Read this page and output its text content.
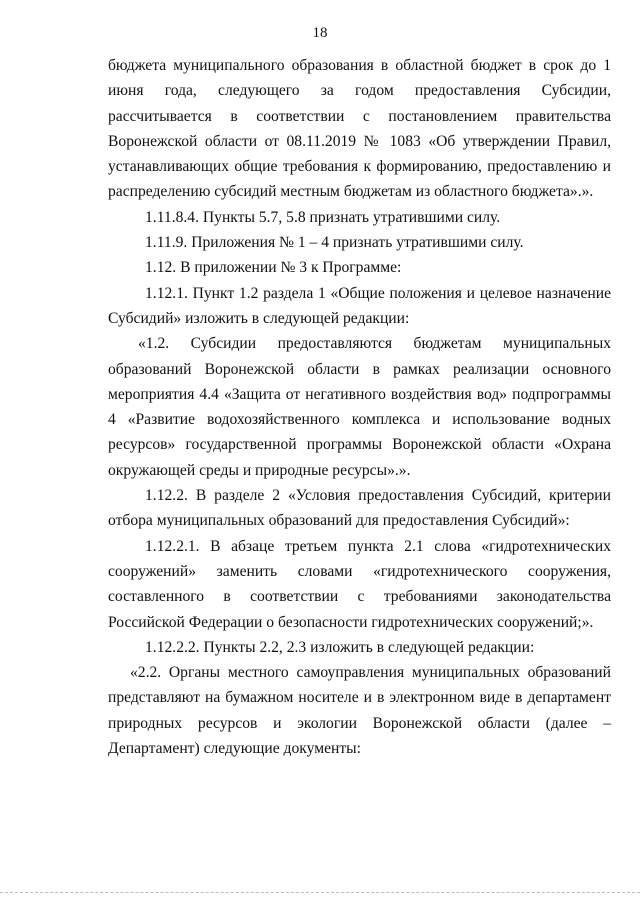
18

бюджета муниципального образования в областной бюджет в срок до 1 июня года, следующего за годом предоставления Субсидии, рассчитывается в соответствии с постановлением правительства Воронежской области от 08.11.2019 № 1083 «Об утверждении Правил, устанавливающих общие требования к формированию, предоставлению и распределению субсидий местным бюджетам из областного бюджета».».

1.11.8.4. Пункты 5.7, 5.8 признать утратившими силу.

1.11.9. Приложения № 1 – 4 признать утратившими силу.

1.12. В приложении № 3 к Программе:

1.12.1. Пункт 1.2 раздела 1 «Общие положения и целевое назначение Субсидий» изложить в следующей редакции:

«1.2. Субсидии предоставляются бюджетам муниципальных образований Воронежской области в рамках реализации основного мероприятия 4.4 «Защита от негативного воздействия вод» подпрограммы 4 «Развитие водохозяйственного комплекса и использование водных ресурсов» государственной программы Воронежской области «Охрана окружающей среды и природные ресурсы».».

1.12.2. В разделе 2 «Условия предоставления Субсидий, критерии отбора муниципальных образований для предоставления Субсидий»:

1.12.2.1. В абзаце третьем пункта 2.1 слова «гидротехнических сооружений» заменить словами «гидротехнического сооружения, составленного в соответствии с требованиями законодательства Российской Федерации о безопасности гидротехнических сооружений;».

1.12.2.2. Пункты 2.2, 2.3 изложить в следующей редакции:

«2.2. Органы местного самоуправления муниципальных образований представляют на бумажном носителе и в электронном виде в департамент природных ресурсов и экологии Воронежской области (далее – Департамент) следующие документы:
